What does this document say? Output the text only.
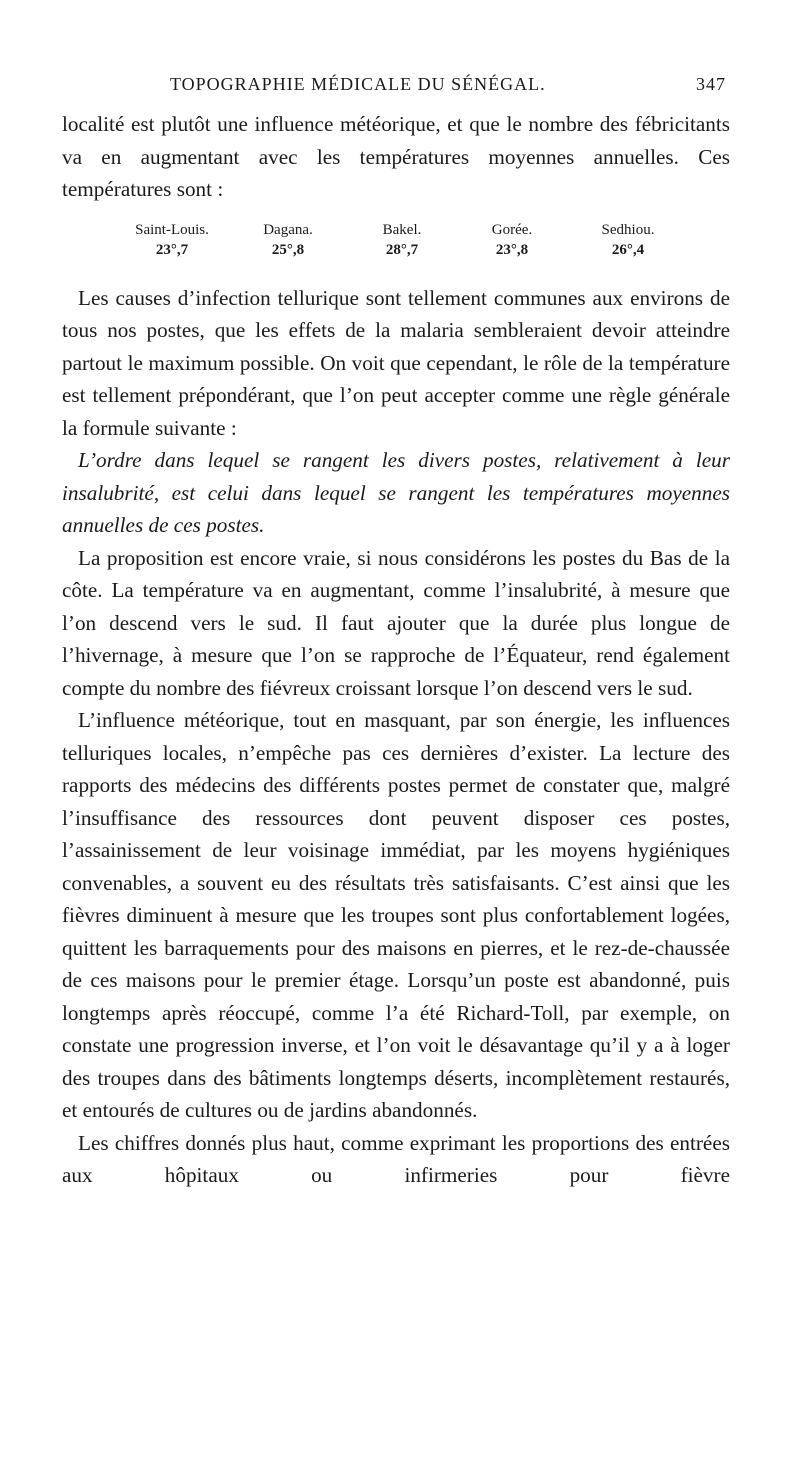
TOPOGRAPHIE MÉDICALE DU SÉNÉGAL.	347

localité est plutôt une influence météorique, et que le nombre des fébricitants va en augmentant avec les températures moyennes annuelles. Ces températures sont :

Saint-Louis.
23°,7
Dagana.
25°,8
Bakel.
28°,7
Gorée.
23°,8
Sedhiou.
26°,4

Les causes d’infection tellurique sont tellement communes aux environs de tous nos postes, que les effets de la malaria sembleraient devoir atteindre partout le maximum possible. On voit que cependant, le rôle de la température est tellement prépondérant, que l’on peut accepter comme une règle générale la formule suivante :

L’ordre dans lequel se rangent les divers postes, relativement à leur insalubrité, est celui dans lequel se rangent les températures moyennes annuelles de ces postes.

La proposition est encore vraie, si nous considérons les postes du Bas de la côte. La température va en augmentant, comme l’insalubrité, à mesure que l’on descend vers le sud. Il faut ajouter que la durée plus longue de l’hivernage, à mesure que l’on se rapproche de l’Équateur, rend également compte du nombre des fiévreux croissant lorsque l’on descend vers le sud.

L’influence météorique, tout en masquant, par son énergie, les influences telluriques locales, n’empêche pas ces dernières d’exister. La lecture des rapports des médecins des différents postes permet de constater que, malgré l’insuffisance des ressources dont peuvent disposer ces postes, l’assainissement de leur voisinage immédiat, par les moyens hygiéniques convenables, a souvent eu des résultats très satisfaisants. C’est ainsi que les fièvres diminuent à mesure que les troupes sont plus confortablement logées, quittent les barraquements pour des maisons en pierres, et le rez-de-chaussée de ces maisons pour le premier étage. Lorsqu’un poste est abandonné, puis longtemps après réoccupé, comme l’a été Richard-Toll, par exemple, on constate une progression inverse, et l’on voit le désavantage qu’il y a à loger des troupes dans des bâtiments longtemps déserts, incomplètement restaurés, et entourés de cultures ou de jardins abandonnés.

Les chiffres donnés plus haut, comme exprimant les proportions des entrées aux hôpitaux ou infirmeries pour fièvre
